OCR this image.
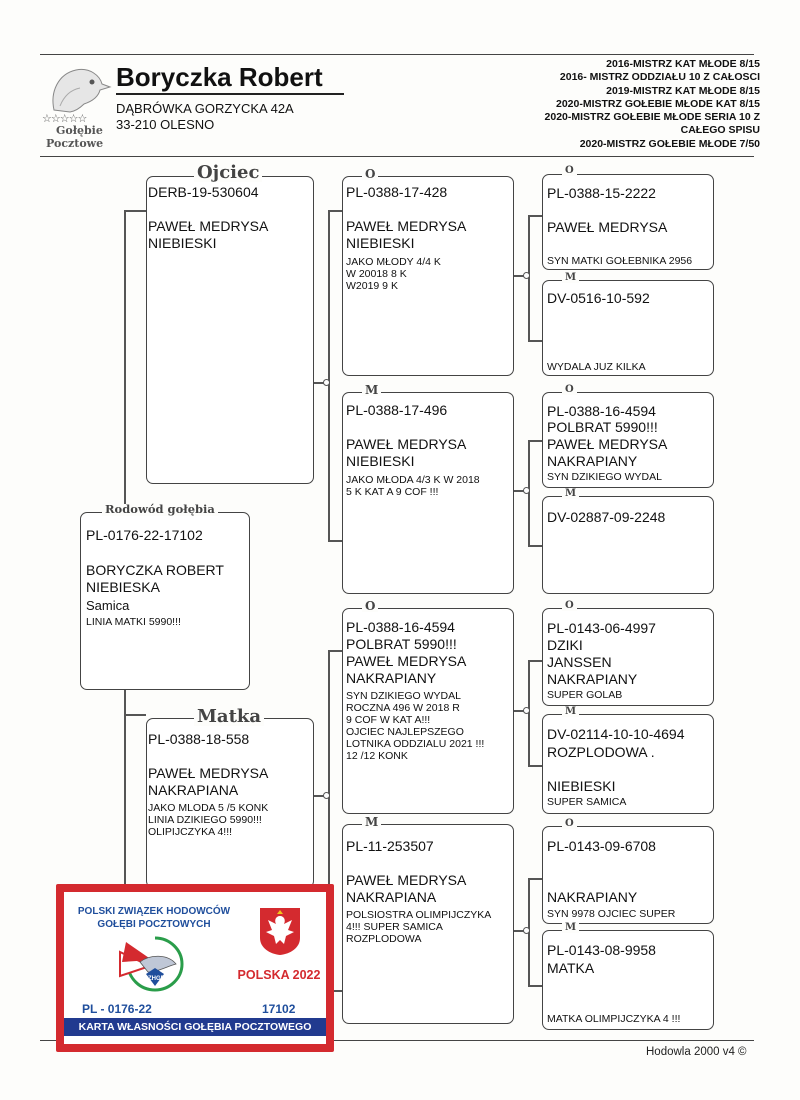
☆☆☆☆☆
Gołębie
Pocztowe
Boryczka Robert
DĄBRÓWKA GORZYCKA 42A
33-210 OLESNO
2016-MISTRZ KAT MŁODE 8/15
2016- MISTRZ ODDZIAŁU 10 Z CAŁOSCI
2019-MISTRZ KAT MŁODE 8/15
2020-MISTRZ GOŁEBIE MŁODE KAT 8/15
2020-MISTRZ GOŁEBIE MŁODE SERIA 10 Z
CAŁEGO SPISU
2020-MISTRZ GOŁEBIE MŁODE 7/50
Rodowód gołębia
PL-0176-22-17102
BORYCZKA ROBERT
NIEBIESKA
Samica
LINIA MATKI 5990!!!
Ojciec
DERB-19-530604
PAWEŁ MEDRYSA
NIEBIESKI
Matka
PL-0388-18-558
PAWEŁ MEDRYSA
NAKRAPIANA
JAKO MLODA 5 /5 KONK
LINIA DZIKIEGO 5990!!!
OLIPIJCZYKA 4!!!
O
PL-0388-17-428
PAWEŁ MEDRYSA
NIEBIESKI
JAKO MŁODY 4/4 K
W 20018 8 K
W2019 9 K
M
PL-0388-17-496
PAWEŁ MEDRYSA
NIEBIESKI
JAKO MŁODA 4/3 K W 2018
5 K KAT A 9 COF !!!
O
PL-0388-16-4594
POLBRAT 5990!!!
PAWEŁ MEDRYSA
NAKRAPIANY
SYN DZIKIEGO WYDAL
ROCZNA 496 W 2018 R
9 COF W KAT A!!!
OJCIEC NAJLEPSZEGO
LOTNIKA ODDZIALU 2021 !!!
12 /12 KONK
M
PL-11-253507
PAWEŁ MEDRYSA
NAKRAPIANA
POLSIOSTRA OLIMPIJCZYKA
4!!! SUPER SAMICA
ROZPLODOWA
O
PL-0388-15-2222
PAWEŁ MEDRYSA
SYN MATKI GOŁEBNIKA 2956
M
DV-0516-10-592
WYDALA JUZ KILKA
O
PL-0388-16-4594
POLBRAT 5990!!!
PAWEŁ MEDRYSA
NAKRAPIANY
SYN DZIKIEGO WYDAL
M
DV-02887-09-2248
O
PL-0143-06-4997
DZIKI
JANSSEN
NAKRAPIANY
SUPER GOLAB
M
DV-02114-10-10-4694
ROZPLODOWA .
NIEBIESKI
SUPER SAMICA
O
PL-0143-09-6708
NAKRAPIANY
SYN 9978 OJCIEC SUPER
M
PL-0143-08-9958
MATKA
MATKA OLIMPIJCZYKA 4 !!!
Hodowla 2000 v4 ©
POLSKI ZWIĄZEK HODOWCÓW
GOŁĘBI POCZTOWYCH
PZHGP	POLSKA 2022
PL - 0176-22	17102
KARTA WŁASNOŚCI GOŁĘBIA POCZTOWEGO
